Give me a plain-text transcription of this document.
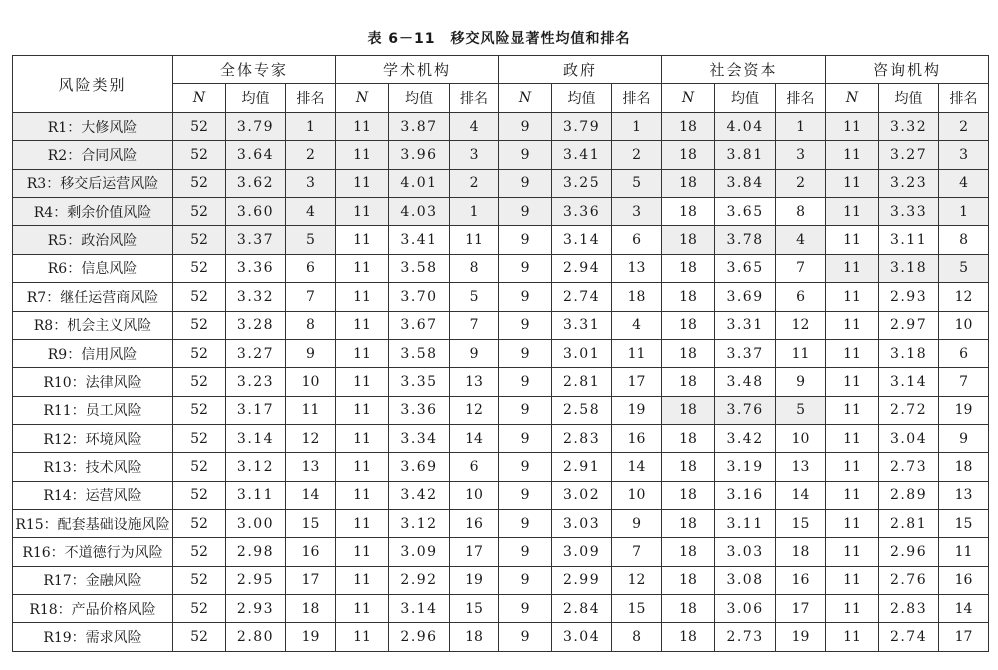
表 6－11　移交风险显著性均值和排名
风险类别	全体专家			学术机构			政府			社会资本			咨询机构		
	N	均值	排名	N	均值	排名	N	均值	排名	N	均值	排名	N	均值	排名
R1：大修风险	52	3.79	1	11	3.87	4	9	3.79	1	18	4.04	1	11	3.32	2
R2：合同风险	52	3.64	2	11	3.96	3	9	3.41	2	18	3.81	3	11	3.27	3
R3：移交后运营风险	52	3.62	3	11	4.01	2	9	3.25	5	18	3.84	2	11	3.23	4
R4：剩余价值风险	52	3.60	4	11	4.03	1	9	3.36	3	18	3.65	8	11	3.33	1
R5：政治风险	52	3.37	5	11	3.41	11	9	3.14	6	18	3.78	4	11	3.11	8
R6：信息风险	52	3.36	6	11	3.58	8	9	2.94	13	18	3.65	7	11	3.18	5
R7：继任运营商风险	52	3.32	7	11	3.70	5	9	2.74	18	18	3.69	6	11	2.93	12
R8：机会主义风险	52	3.28	8	11	3.67	7	9	3.31	4	18	3.31	12	11	2.97	10
R9：信用风险	52	3.27	9	11	3.58	9	9	3.01	11	18	3.37	11	11	3.18	6
R10：法律风险	52	3.23	10	11	3.35	13	9	2.81	17	18	3.48	9	11	3.14	7
R11：员工风险	52	3.17	11	11	3.36	12	9	2.58	19	18	3.76	5	11	2.72	19
R12：环境风险	52	3.14	12	11	3.34	14	9	2.83	16	18	3.42	10	11	3.04	9
R13：技术风险	52	3.12	13	11	3.69	6	9	2.91	14	18	3.19	13	11	2.73	18
R14：运营风险	52	3.11	14	11	3.42	10	9	3.02	10	18	3.16	14	11	2.89	13
R15：配套基础设施风险	52	3.00	15	11	3.12	16	9	3.03	9	18	3.11	15	11	2.81	15
R16：不道德行为风险	52	2.98	16	11	3.09	17	9	3.09	7	18	3.03	18	11	2.96	11
R17：金融风险	52	2.95	17	11	2.92	19	9	2.99	12	18	3.08	16	11	2.76	16
R18：产品价格风险	52	2.93	18	11	3.14	15	9	2.84	15	18	3.06	17	11	2.83	14
R19：需求风险	52	2.80	19	11	2.96	18	9	3.04	8	18	2.73	19	11	2.74	17
